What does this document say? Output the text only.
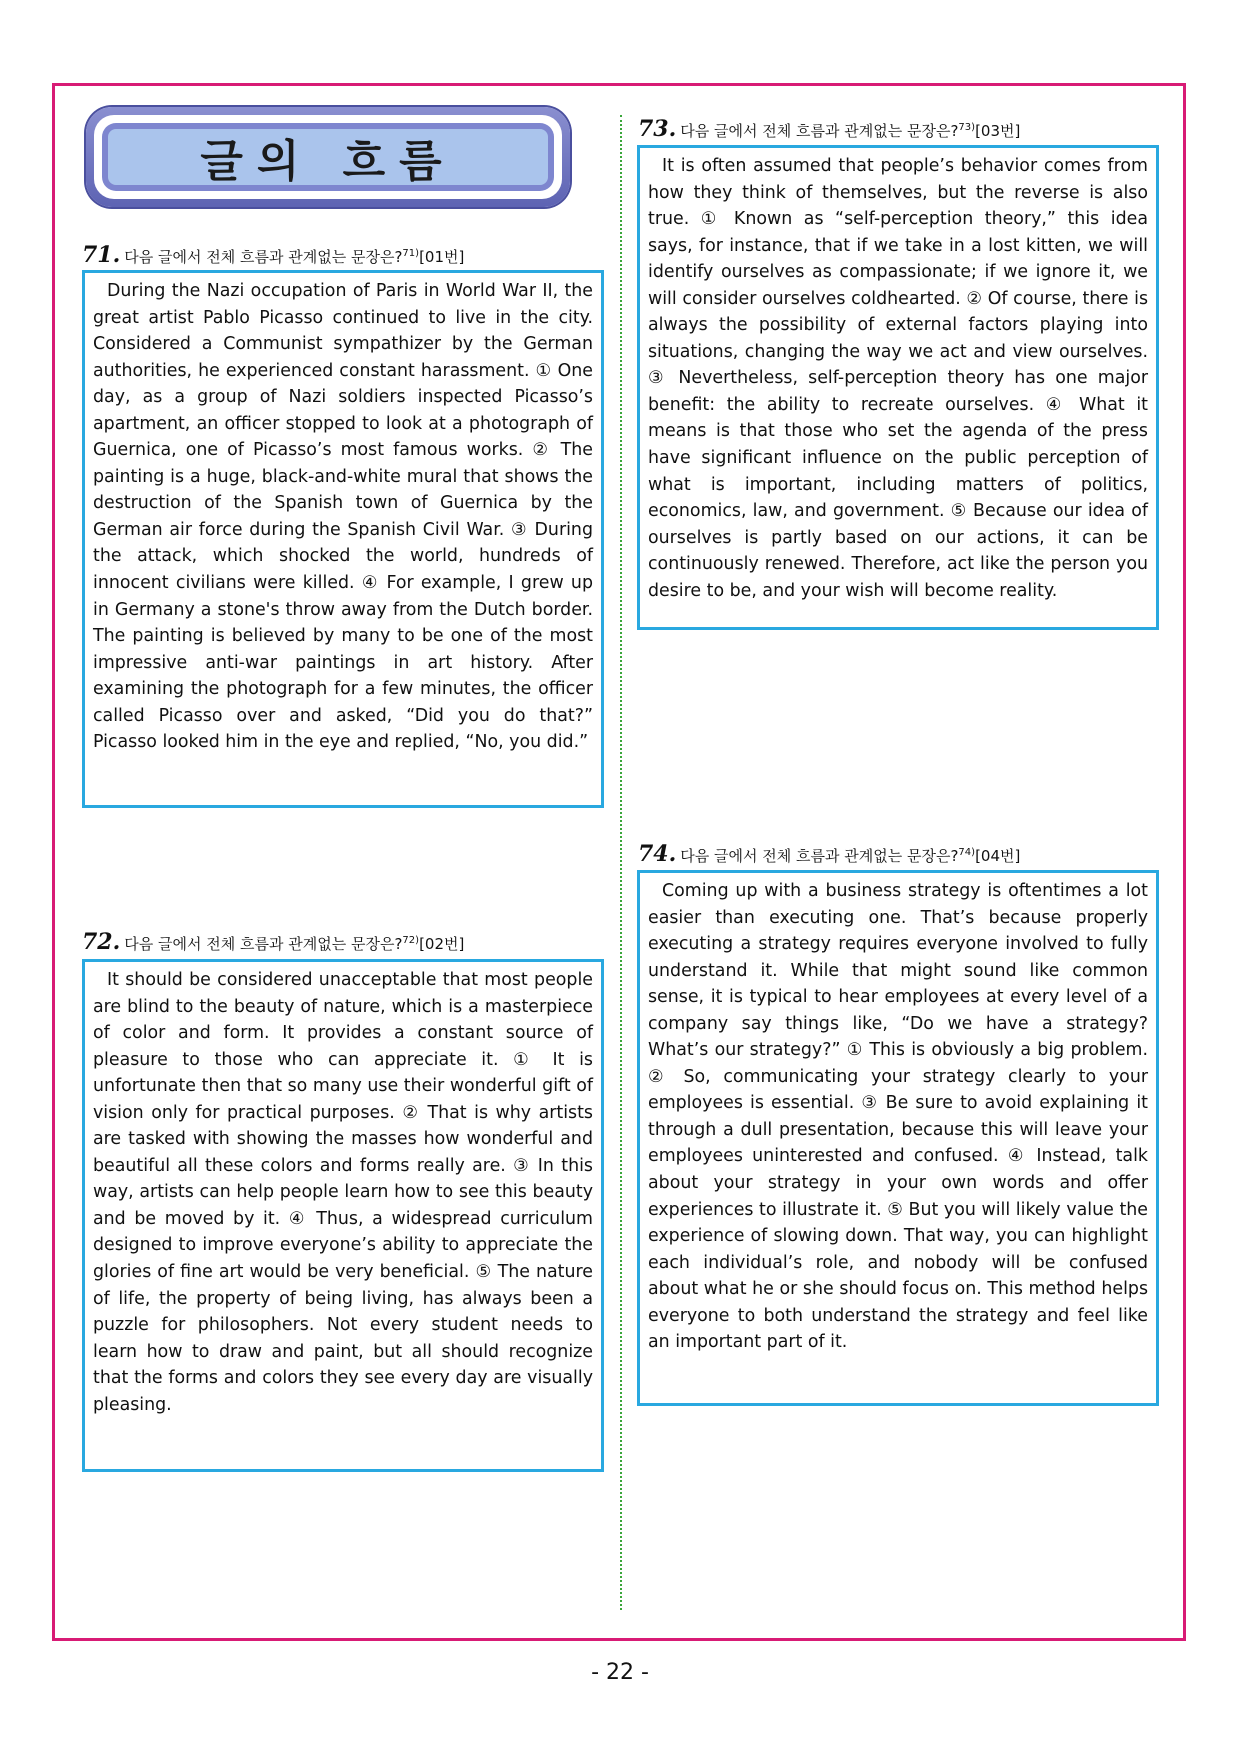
글의 흐름
71. 다음 글에서 전체 흐름과 관계없는 문장은?$^{71)}$[01번]

During the Nazi occupation of Paris in World War II, the great artist Pablo Picasso continued to live in the city. Considered a Communist sympathizer by the German authorities, he experienced constant harassment. ① One day, as a group of Nazi soldiers inspected Picasso’s apartment, an officer stopped to look at a photograph of Guernica, one of Picasso’s most famous works. ② The painting is a huge, black-and-white mural that shows the destruction of the Spanish town of Guernica by the German air force during the Spanish Civil War. ③ During the attack, which shocked the world, hundreds of innocent civilians were killed. ④ For example, I grew up in Germany a stone's throw away from the Dutch border. The painting is believed by many to be one of the most impressive anti-war paintings in art history. After examining the photograph for a few minutes, the officer called Picasso over and asked, “Did you do that?” Picasso looked him in the eye and replied, “No, you did.”

72. 다음 글에서 전체 흐름과 관계없는 문장은?$^{72)}$[02번]

It should be considered unacceptable that most people are blind to the beauty of nature, which is a masterpiece of color and form. It provides a constant source of pleasure to those who can appreciate it. ① It is unfortunate then that so many use their wonderful gift of vision only for practical purposes. ② That is why artists are tasked with showing the masses how wonderful and beautiful all these colors and forms really are. ③ In this way, artists can help people learn how to see this beauty and be moved by it. ④ Thus, a widespread curriculum designed to improve everyone’s ability to appreciate the glories of fine art would be very beneficial. ⑤ The nature of life, the property of being living, has always been a puzzle for philosophers. Not every student needs to learn how to draw and paint, but all should recognize that the forms and colors they see every day are visually pleasing.

73. 다음 글에서 전체 흐름과 관계없는 문장은?$^{73)}$[03번]

It is often assumed that people’s behavior comes from how they think of themselves, but the reverse is also true. ① Known as “self-perception theory,” this idea says, for instance, that if we take in a lost kitten, we will identify ourselves as compassionate; if we ignore it, we will consider ourselves coldhearted. ② Of course, there is always the possibility of external factors playing into situations, changing the way we act and view ourselves. ③ Nevertheless, self-perception theory has one major benefit: the ability to recreate ourselves. ④ What it means is that those who set the agenda of the press have significant influence on the public perception of what is important, including matters of politics, economics, law, and government. ⑤ Because our idea of ourselves is partly based on our actions, it can be continuously renewed. Therefore, act like the person you desire to be, and your wish will become reality.

74. 다음 글에서 전체 흐름과 관계없는 문장은?$^{74)}$[04번]

Coming up with a business strategy is oftentimes a lot easier than executing one. That’s because properly executing a strategy requires everyone involved to fully understand it. While that might sound like common sense, it is typical to hear employees at every level of a company say things like, “Do we have a strategy? What’s our strategy?” ① This is obviously a big problem. ② So, communicating your strategy clearly to your employees is essential. ③ Be sure to avoid explaining it through a dull presentation, because this will leave your employees uninterested and confused. ④ Instead, talk about your strategy in your own words and offer experiences to illustrate it. ⑤ But you will likely value the experience of slowing down. That way, you can highlight each individual’s role, and nobody will be confused about what he or she should focus on. This method helps everyone to both understand the strategy and feel like an important part of it.

- 22 -
